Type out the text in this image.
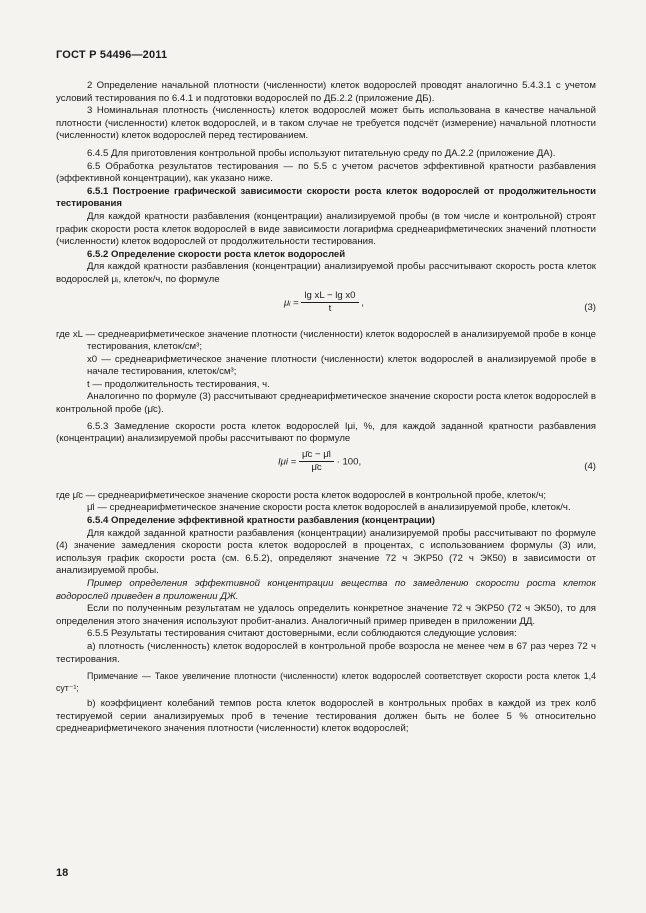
ГОСТ Р 54496—2011

2 Определение начальной плотности (численности) клеток водорослей проводят аналогично 5.4.3.1 с учетом условий тестирования по 6.4.1 и подготовки водорослей по ДБ.2.2 (приложение ДБ).

3 Номинальная плотность (численность) клеток водорослей может быть использована в качестве начальной плотности (численности) клеток водорослей, и в таком случае не требуется подсчёт (измерение) начальной плотности (численности) клеток водорослей перед тестированием.

6.4.5 Для приготовления контрольной пробы используют питательную среду по ДА.2.2 (приложение ДА).

6.5 Обработка результатов тестирования — по 5.5 с учетом расчетов эффективной кратности разбавления (эффективной концентрации), как указано ниже.

6.5.1 Построение графической зависимости скорости роста клеток водорослей от продолжительности тестирования

Для каждой кратности разбавления (концентрации) анализируемой пробы (в том числе и контрольной) строят график скорости роста клеток водорослей в виде зависимости логарифма среднеарифметических значений плотности (численности) клеток водорослей от продолжительности тестирования.

6.5.2 Определение скорости роста клеток водорослей

Для каждой кратности разбавления (концентрации) анализируемой пробы рассчитывают скорость роста клеток водорослей μᵢ, клеток/ч, по формуле

μᵢ = $\frac{\text{lg xL − lg x0}}{t}$ ,	(3)

где xL — среднеарифметическое значение плотности (численности) клеток водорослей в анализируемой пробе в конце тестирования, клеток/см³;

x0 — среднеарифметическое значение плотности (численности) клеток водорослей в анализируемой пробе в начале тестирования, клеток/см³;

t — продолжительность тестирования, ч.

Аналогично по формуле (3) рассчитывают среднеарифметическое значение скорости роста клеток водорослей в контрольной пробе (μ̄c).

6.5.3 Замедление скорости роста клеток водорослей Iμi, %, для каждой заданной кратности разбавления (концентрации) анализируемой пробы рассчитывают по формуле

$I\mu i = \frac{\mūc - \mūi}{\mūc} \cdot 100$,	(4)

где μ̄c — среднеарифметическое значение скорости роста клеток водорослей в контрольной пробе, клеток/ч;

μ̄i — среднеарифметическое значение скорости роста клеток водорослей в анализируемой пробе, клеток/ч.

6.5.4 Определение эффективной кратности разбавления (концентрации)

Для каждой заданной кратности разбавления (концентрации) анализируемой пробы рассчитывают по формуле (4) значение замедления скорости роста клеток водорослей в процентах, с использованием формулы (3) или, используя график скорости роста (см. 6.5.2), определяют значение 72 ч ЭКР50 (72 ч ЭК50) в зависимости от анализируемой пробы.

Пример определения эффективной концентрации вещества по замедлению скорости роста клеток водорослей приведен в приложении ДЖ.

Если по полученным результатам не удалось определить конкретное значение 72 ч ЭКР50 (72 ч ЭК50), то для определения этого значения используют пробит-анализ. Аналогичный пример приведен в приложении ДД.

6.5.5 Результаты тестирования считают достоверными, если соблюдаются следующие условия:

а) плотность (численность) клеток водорослей в контрольной пробе возросла не менее чем в 67 раз через 72 ч тестирования.

Примечание — Такое увеличение плотности (численности) клеток водорослей соответствует скорости роста клеток 1,4 сут⁻¹;

b) коэффициент колебаний темпов роста клеток водорослей в контрольных пробах в каждой из трех колб тестируемой серии анализируемых проб в течение тестирования должен быть не более 5 % относительно среднеарифметичекого значения плотности (численности) клеток водорослей;

18
